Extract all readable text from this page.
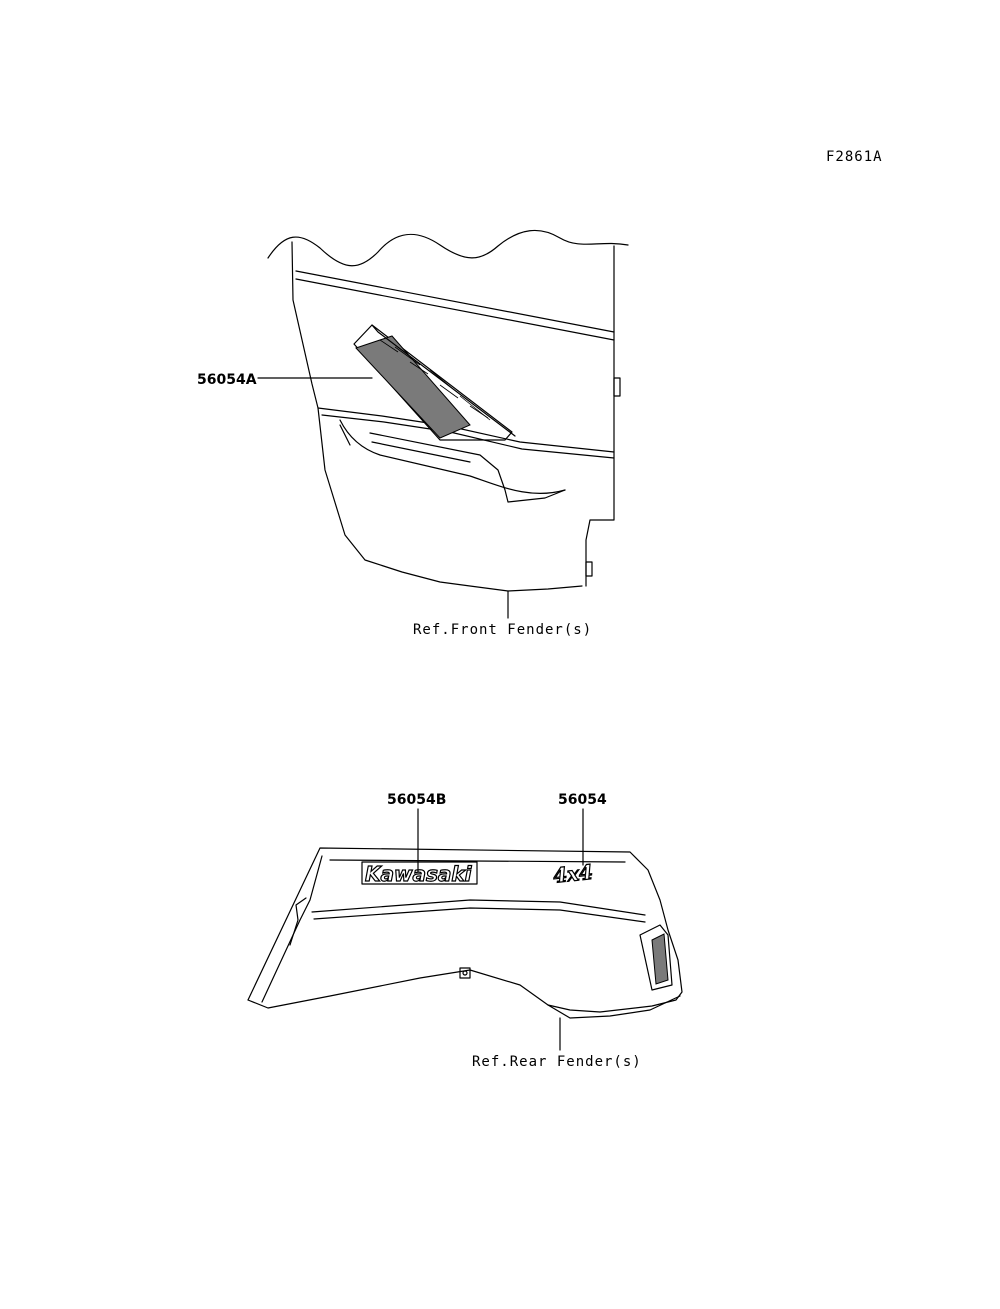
F2861A
56054A
Ref.Front Fender(s)
Kawasaki	4x4
56054B	56054
Ref.Rear Fender(s)
